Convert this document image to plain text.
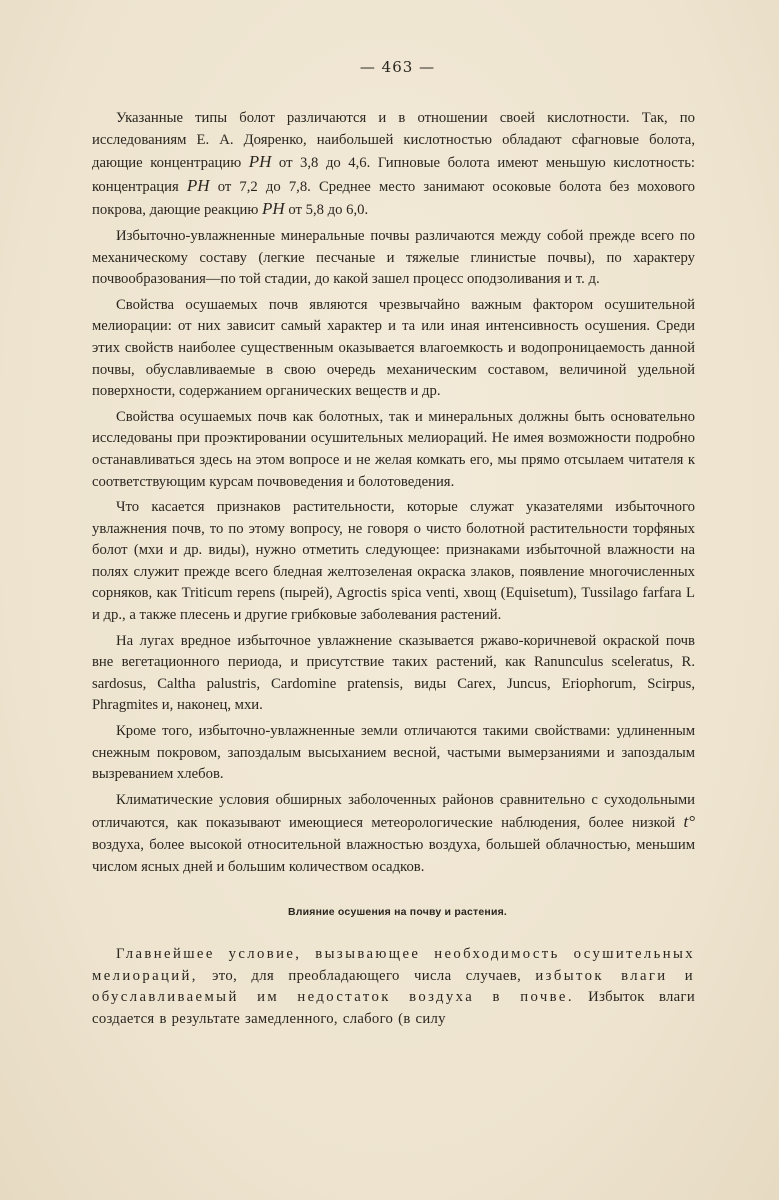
— 463 —

Указанные типы болот различаются и в отношении своей кислотности. Так, по исследованиям Е. А. Дояренко, наибольшей кислотностью обладают сфагновые болота, дающие концентрацию PH от 3,8 до 4,6. Гипновые болота имеют меньшую кислотность: концентрация PH от 7,2 до 7,8. Среднее место занимают осоковые болота без мохового покрова, дающие реакцию PH от 5,8 до 6,0.

Избыточно-увлажненные минеральные почвы различаются между собой прежде всего по механическому составу (легкие песчаные и тяжелые глинистые почвы), по характеру почвообразования—по той стадии, до какой зашел процесс оподзоливания и т. д.

Свойства осушаемых почв являются чрезвычайно важным фактором осушительной мелиорации: от них зависит самый характер и та или иная интенсивность осушения. Среди этих свойств наиболее существенным оказывается влагоемкость и водопроницаемость данной почвы, обуславливаемые в свою очередь механическим составом, величиной удельной поверхности, содержанием органических веществ и др.

Свойства осушаемых почв как болотных, так и минеральных должны быть основательно исследованы при проэктировании осушительных мелиораций. Не имея возможности подробно останавливаться здесь на этом вопросе и не желая комкать его, мы прямо отсылаем читателя к соответствующим курсам почвоведения и болотоведения.

Что касается признаков растительности, которые служат указателями избыточного увлажнения почв, то по этому вопросу, не говоря о чисто болотной растительности торфяных болот (мхи и др. виды), нужно отметить следующее: признаками избыточной влажности на полях служит прежде всего бледная желтозеленая окраска злаков, появление многочисленных сорняков, как Triticum repens (пырей), Agroctis spica venti, хвощ (Equisetum), Tussilago farfara L и др., а также плесень и другие грибковые заболевания растений.

На лугах вредное избыточное увлажнение сказывается ржаво-коричневой окраской почв вне вегетационного периода, и присутствие таких растений, как Ranunculus sceleratus, R. sardosus, Caltha palustris, Cardomine pratensis, виды Carex, Juncus, Eriophorum, Scirpus, Phragmites и, наконец, мхи.

Кроме того, избыточно-увлажненные земли отличаются такими свойствами: удлиненным снежным покровом, запоздалым высыханием весной, частыми вымерзаниями и запоздалым вызреванием хлебов.

Климатические условия обширных заболоченных районов сравнительно с суходольными отличаются, как показывают имеющиеся метеорологические наблюдения, более низкой t° воздуха, более высокой относительной влажностью воздуха, большей облачностью, меньшим числом ясных дней и большим количеством осадков.

Влияние осушения на почву и растения.

Главнейшее условие, вызывающее необходимость осушительных мелиораций, это, для преобладающего числа случаев, избыток влаги и обуславливаемый им недостаток воздуха в почве. Избыток влаги создается в результате замедленного, слабого (в силу
